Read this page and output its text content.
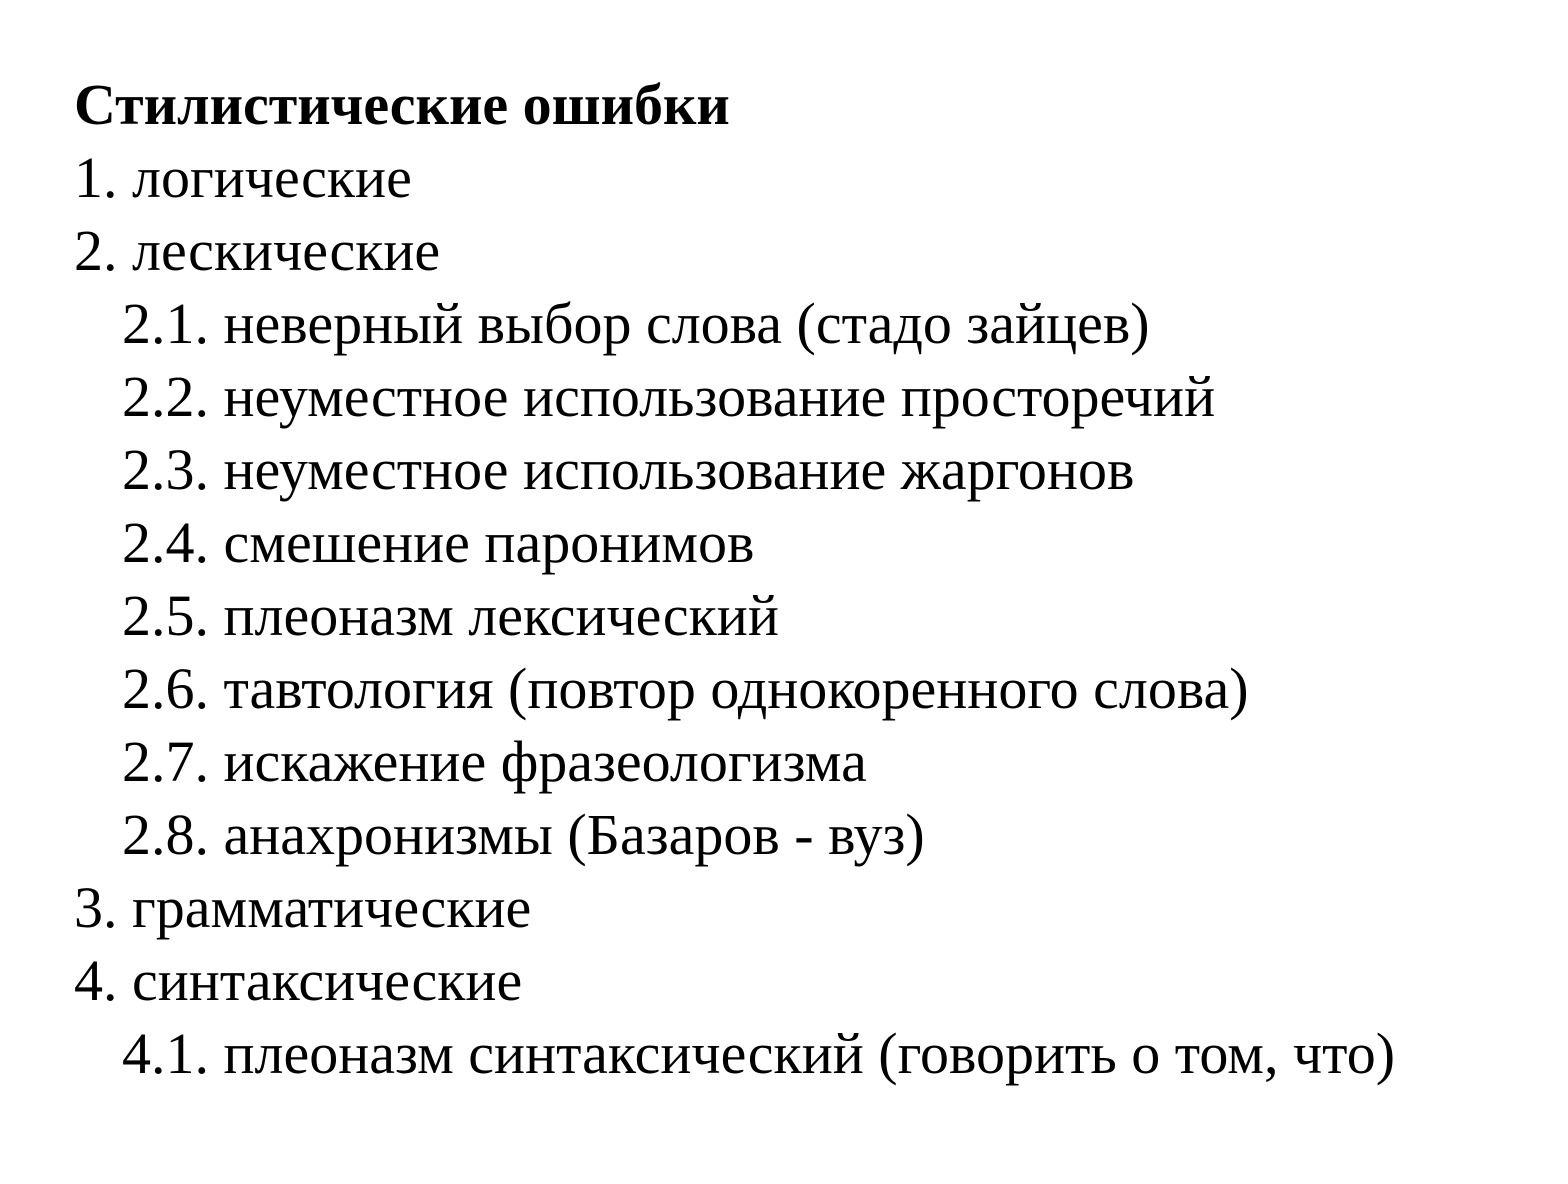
Стилистические ошибки
1. логические
2. лескические
2.1. неверный выбор слова (стадо зайцев)
2.2. неуместное использование просторечий
2.3. неуместное использование жаргонов
2.4. смешение паронимов
2.5. плеоназм лексический
2.6. тавтология (повтор однокоренного слова)
2.7. искажение фразеологизма
2.8. анахронизмы (Базаров - вуз)
3. грамматические
4. синтаксические
4.1. плеоназм синтаксический (говорить о том, что)
